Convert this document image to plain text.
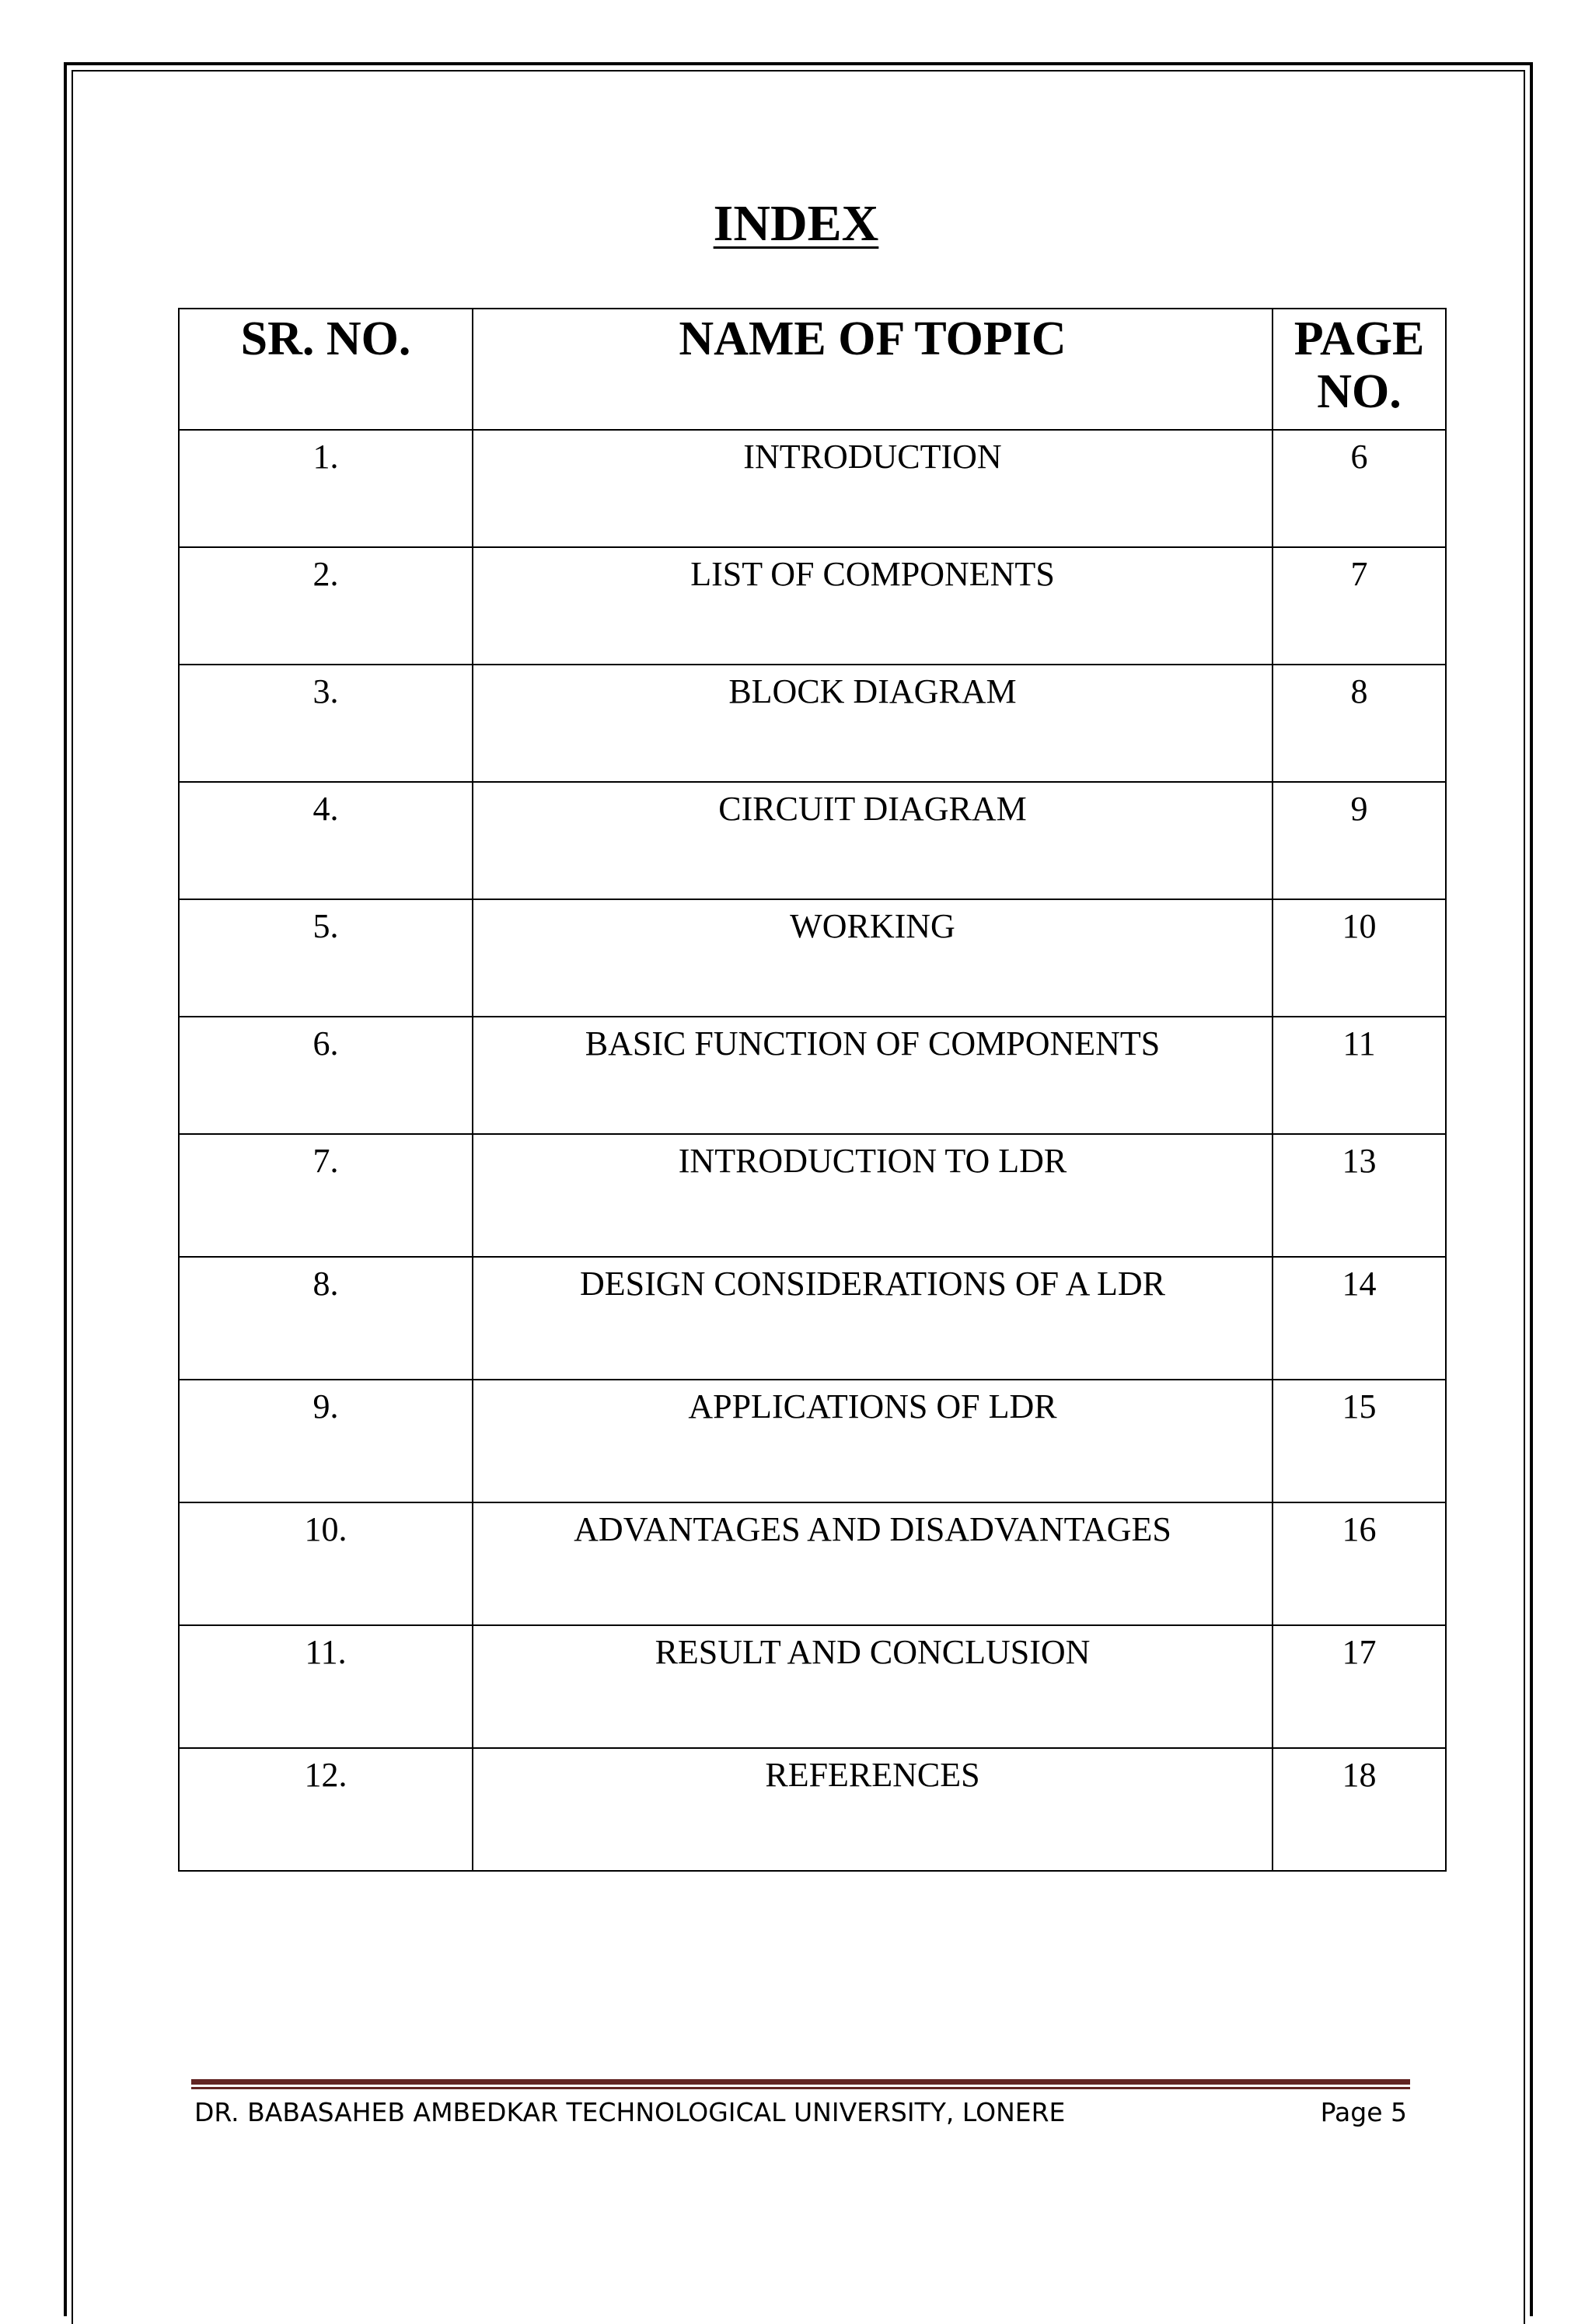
INDEX
SR. NO.	NAME OF TOPIC	PAGE NO.
1.	INTRODUCTION	6
2.	LIST OF COMPONENTS	7
3.	BLOCK DIAGRAM	8
4.	CIRCUIT DIAGRAM	9
5.	WORKING	10
6.	BASIC FUNCTION OF COMPONENTS	11
7.	INTRODUCTION TO LDR	13
8.	DESIGN CONSIDERATIONS OF A LDR	14
9.	APPLICATIONS OF LDR	15
10.	ADVANTAGES AND DISADVANTAGES	16
11.	RESULT AND CONCLUSION	17
12.	REFERENCES	18
DR. BABASAHEB AMBEDKAR TECHNOLOGICAL UNIVERSITY, LONERE	Page 5
